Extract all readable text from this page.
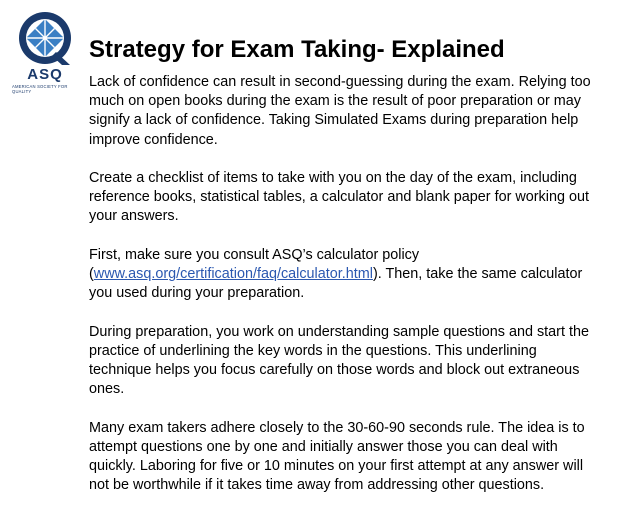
ASQ
AMERICAN SOCIETY FOR QUALITY
Strategy for Exam Taking- Explained

Lack of confidence can result in second-guessing during the exam. Relying too much on open books during the exam is the result of poor preparation or may signify a lack of confidence. Taking Simulated Exams during preparation help improve confidence.

Create a checklist of items to take with you on the day of the exam, including reference books, statistical tables, a calculator and blank paper for working out your answers.

First, make sure you consult ASQ’s calculator policy (www.asq.org/certification/faq/calculator.html). Then, take the same calculator you used during your preparation.

During preparation, you work on understanding sample questions and start the practice of underlining the key words in the questions. This underlining technique helps you focus carefully on those words and block out extraneous ones.

Many exam takers adhere closely to the 30-60-90 seconds rule. The idea is to attempt questions one by one and initially answer those you can deal with quickly. Laboring for five or 10 minutes on your first attempt at any answer will not be worthwhile if it takes time away from addressing other questions.
